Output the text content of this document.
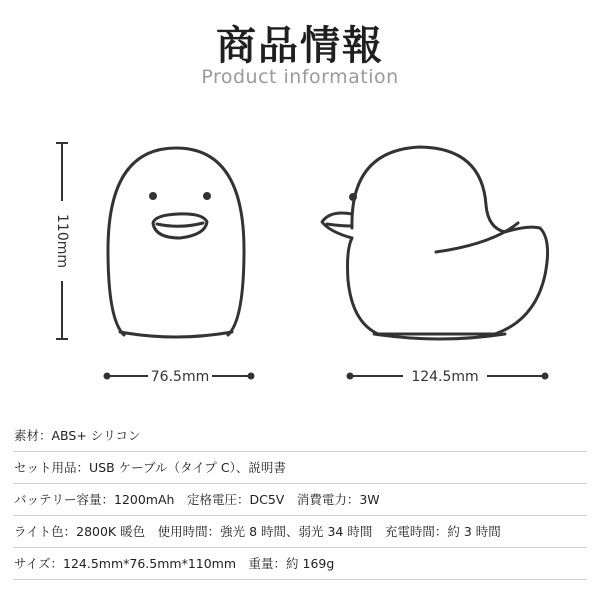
商品情報
Product information
110mm
76.5mm	124.5mm
素材：ABS+ シリコン
セット用品：USB ケーブル（タイプ C）、説明書
バッテリー容量：1200mAh　定格電圧：DC5V　消費電力：3W
ライト色：2800K 暖色　使用時間：強光 8 時間、弱光 34 時間　充電時間：約 3 時間
サイズ：124.5mm*76.5mm*110mm　重量：約 169g
